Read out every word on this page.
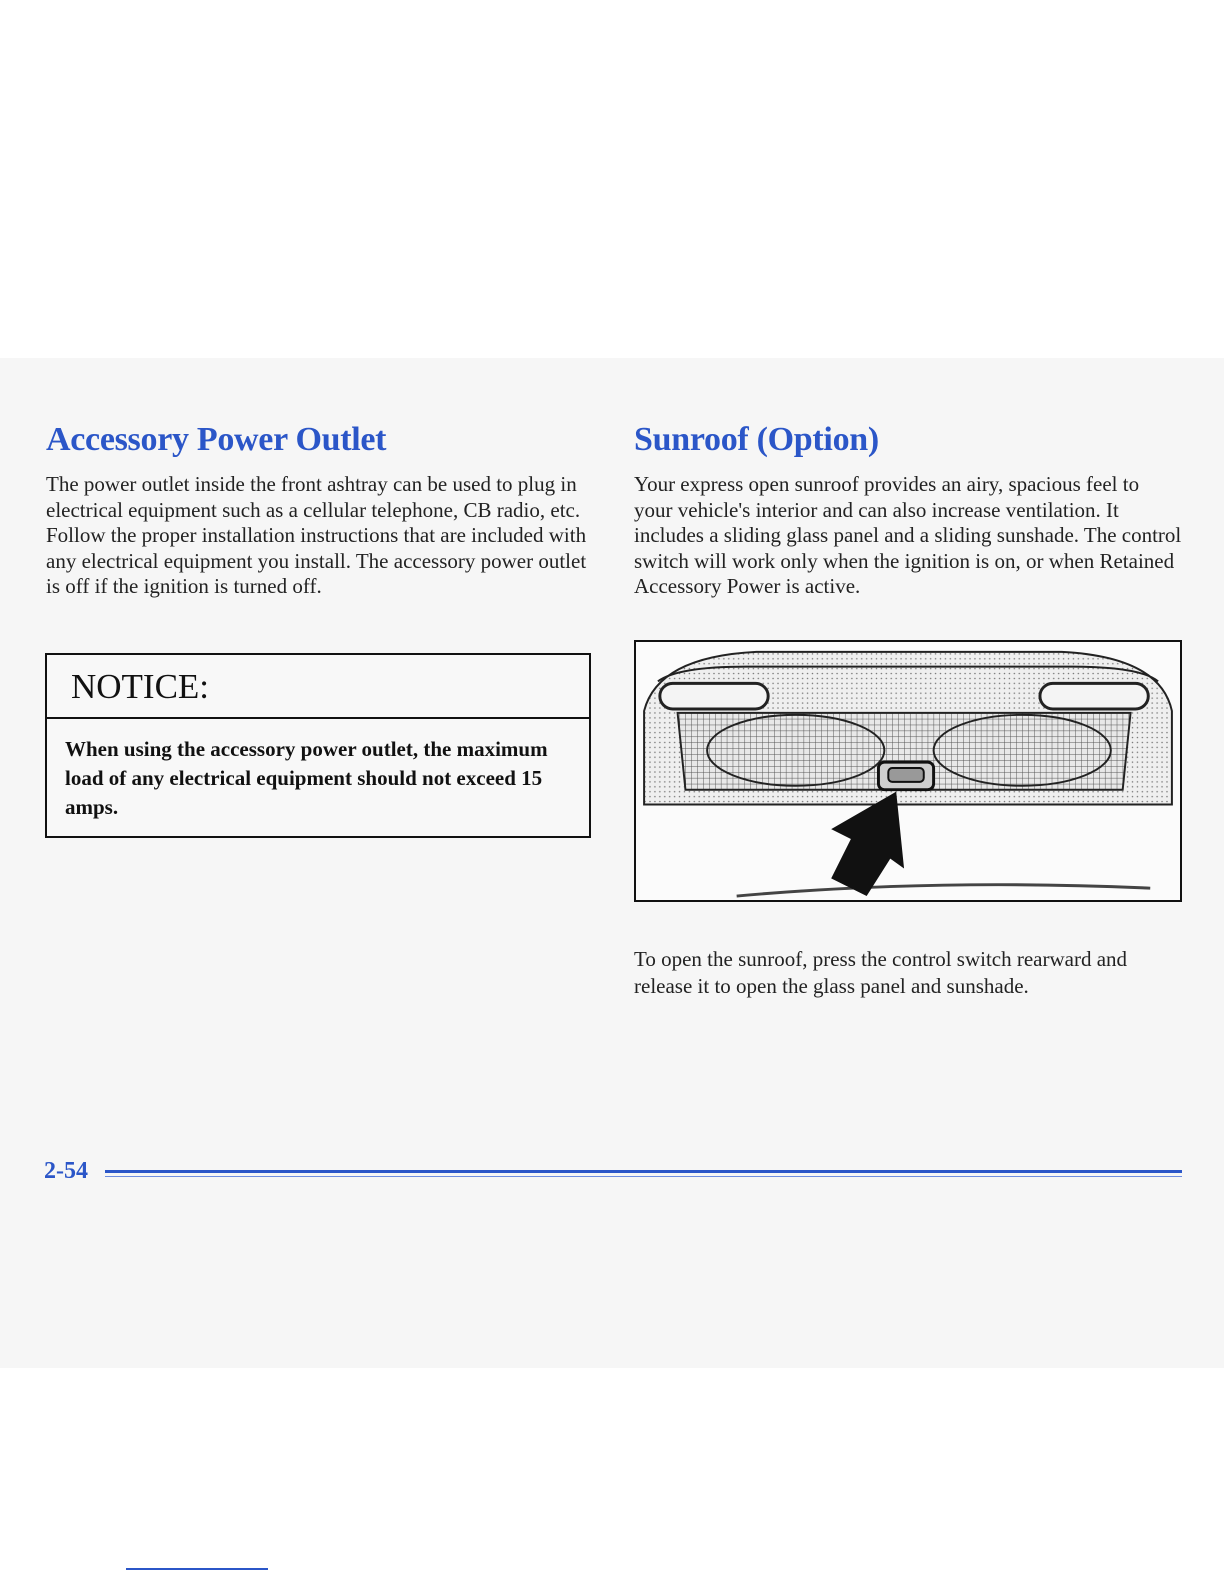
Accessory Power Outlet

The power outlet inside the front ashtray can be used to plug in electrical equipment such as a cellular telephone, CB radio, etc. Follow the proper installation instructions that are included with any electrical equipment you install. The accessory power outlet is off if the ignition is turned off.

NOTICE:
When using the accessory power outlet, the maximum load of any electrical equipment should not exceed 15 amps.
Sunroof (Option)

Your express open sunroof provides an airy, spacious feel to your vehicle's interior and can also increase ventilation. It includes a sliding glass panel and a sliding sunshade. The control switch will work only when the ignition is on, or when Retained Accessory Power is active.

To open the sunroof, press the control switch rearward and release it to open the glass panel and sunshade.

2-54
